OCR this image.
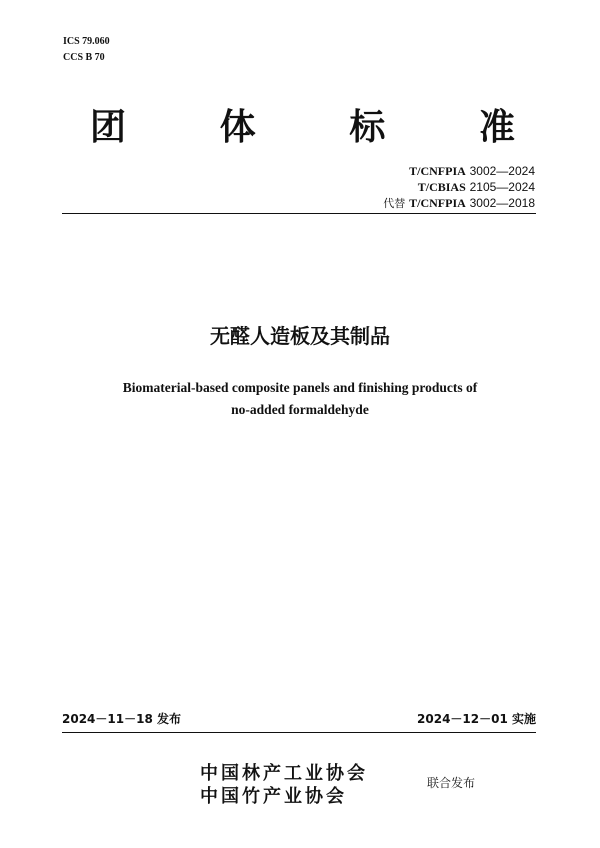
ICS 79.060
CCS B 70
团	体	标	准
T/CNFPIA 3002—2024
T/CBIAS 2105—2024
代替 T/CNFPIA 3002—2018
无醛人造板及其制品
Biomaterial-based composite panels and finishing products of
no-added formaldehyde
2024－11－18 发布	2024－12－01 实施
中国林产工业协会
中国竹产业协会
联合发布
